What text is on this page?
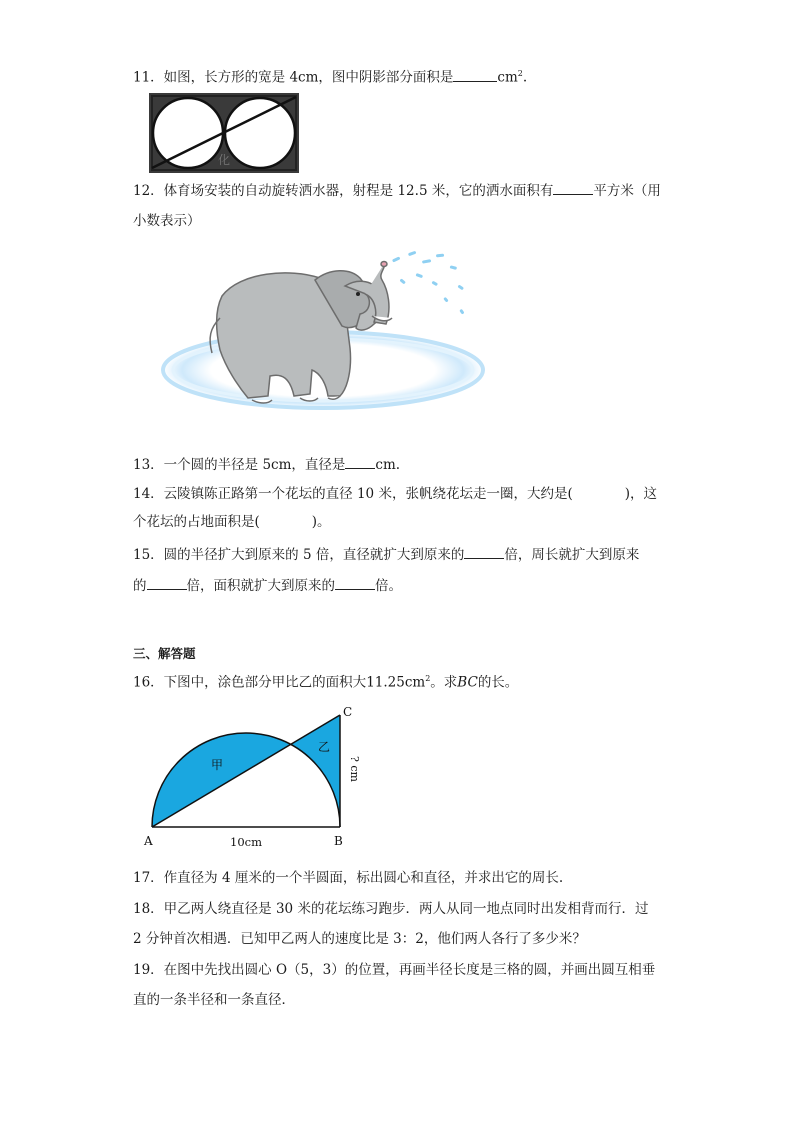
11．如图，长方形的宽是 4cm，图中阴影部分面积是	$cm^2$.
化
12．体育场安装的自动旋转洒水器，射程是 12.5 米，它的洒水面积有	平方米（用
小数表示）
13．一个圆的半径是 5cm，直径是 cm.
14．云陵镇陈正路第一个花坛的直径 10 米，张帆绕花坛走一圈，大约是(	)，这
个花坛的占地面积是(	)。
15．圆的半径扩大到原来的 5 倍，直径就扩大到原来的	倍，周长就扩大到原来
的	倍，面积就扩大到原来的	倍。
三、解答题
16．下图中，涂色部分甲比乙的面积大$11.25cm^2$。求BC的长。
甲
乙
A	B
C
10cm
? cm
17．作直径为 4 厘米的一个半圆面，标出圆心和直径，并求出它的周长.
18．甲乙两人绕直径是 30 米的花坛练习跑步．两人从同一地点同时出发相背而行．过
2 分钟首次相遇．已知甲乙两人的速度比是 3：2，他们两人各行了多少米？
19．在图中先找出圆心 O（5，3）的位置，再画半径长度是三格的圆，并画出圆互相垂
直的一条半径和一条直径．
